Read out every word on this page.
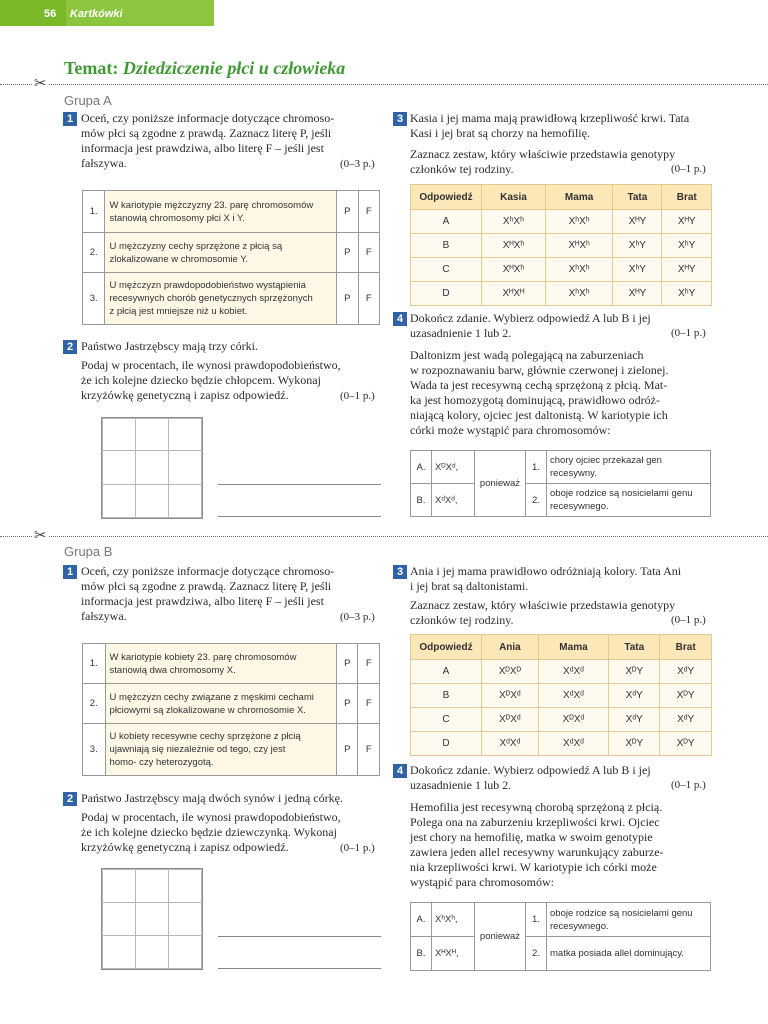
56	Kartkówki
Temat: Dziedziczenie płci u człowieka
✂
Grupa A
1 Oceń, czy poniższe informacje dotyczące chromoso-
mów płci są zgodne z prawdą. Zaznacz literę P, jeśli
informacja jest prawdziwa, albo literę F – jeśli jest
fałszywa.	(0–3 p.)
1.	W kariotypie mężczyzny 23. parę chromosomów
stanowią chromosomy płci X i Y.	P	F
2.	U mężczyzny cechy sprzężone z płcią są
zlokalizowane w chromosomie Y.	P	F
3.	U mężczyzn prawdopodobieństwo wystąpienia
recesywnych chorób genetycznych sprzężonych
z płcią jest mniejsze niż u kobiet.	P	F
2 Państwo Jastrzębscy mają trzy córki.
Podaj w procentach, ile wynosi prawdopodobieństwo,
że ich kolejne dziecko będzie chłopcem. Wykonaj
krzyżówkę genetyczną i zapisz odpowiedź.	(0–1 p.)
3 Kasia i jej mama mają prawidłową krzepliwość krwi. Tata
Kasi i jej brat są chorzy na hemofilię.
Zaznacz zestaw, który właściwie przedstawia genotypy
członków tej rodziny.	(0–1 p.)
Odpowiedź	Kasia	Mama	Tata	Brat
A	XʰXʰ	XʰXʰ	XᴴY	XᴴY
B	XᴴXʰ	XᴴXʰ	XʰY	XʰY
C	XᴴXʰ	XʰXʰ	XʰY	XᴴY
D	XᴴXᴴ	XʰXʰ	XᴴY	XʰY
4 Dokończ zdanie. Wybierz odpowiedź A lub B i jej
uzasadnienie 1 lub 2.	(0–1 p.)
Daltonizm jest wadą polegającą na zaburzeniach
w rozpoznawaniu barw, głównie czerwonej i zielonej.
Wada ta jest recesywną cechą sprzężoną z płcią. Mat-
ka jest homozygotą dominującą, prawidłowo odróż-
niającą kolory, ojciec jest daltonistą. W kariotypie ich
córki może wystąpić para chromosomów:
A.	XᴰXᵈ,	ponieważ	1.	chory ojciec przekazał gen
recesywny.

B.	XᵈXᵈ,		2.	oboje rodzice są nosicielami genu
recesywnego.
✂
Grupa B
1 Oceń, czy poniższe informacje dotyczące chromoso-
mów płci są zgodne z prawdą. Zaznacz literę P, jeśli
informacja jest prawdziwa, albo literę F – jeśli jest
fałszywa.	(0–3 p.)
1.	W kariotypie kobiety 23. parę chromosomów
stanowią dwa chromosomy X.	P	F
2.	U mężczyzn cechy związane z męskimi cechami
płciowymi są zlokalizowane w chromosomie X.	P	F
3.	U kobiety recesywne cechy sprzężone z płcią
ujawniają się niezależnie od tego, czy jest
homo- czy heterozygotą.	P	F
2 Państwo Jastrzębscy mają dwóch synów i jedną córkę.
Podaj w procentach, ile wynosi prawdopodobieństwo,
że ich kolejne dziecko będzie dziewczynką. Wykonaj
krzyżówkę genetyczną i zapisz odpowiedź.	(0–1 p.)
3 Ania i jej mama prawidłowo odróżniają kolory. Tata Ani
i jej brat są daltonistami.
Zaznacz zestaw, który właściwie przedstawia genotypy
członków tej rodziny.	(0–1 p.)
Odpowiedź	Ania	Mama	Tata	Brat
A	XᴰXᴰ	XᵈXᵈ	XᴰY	XᵈY
B	XᴰXᵈ	XᵈXᵈ	XᵈY	XᴰY
C	XᴰXᵈ	XᴰXᵈ	XᵈY	XᵈY
D	XᵈXᵈ	XᵈXᵈ	XᴰY	XᴰY
4 Dokończ zdanie. Wybierz odpowiedź A lub B i jej
uzasadnienie 1 lub 2.	(0–1 p.)
Hemofilia jest recesywną chorobą sprzężoną z płcią.
Polega ona na zaburzeniu krzepliwości krwi. Ojciec
jest chory na hemofilię, matka w swoim genotypie
zawiera jeden allel recesywny warunkujący zaburze-
nia krzepliwości krwi. W kariotypie ich córki może
wystąpić para chromosomów:
A.	XʰXʰ,	ponieważ	1.	oboje rodzice są nosicielami genu
recesywnego.

B.	XᴴXᴴ,		2.	matka posiada allel dominujący.
